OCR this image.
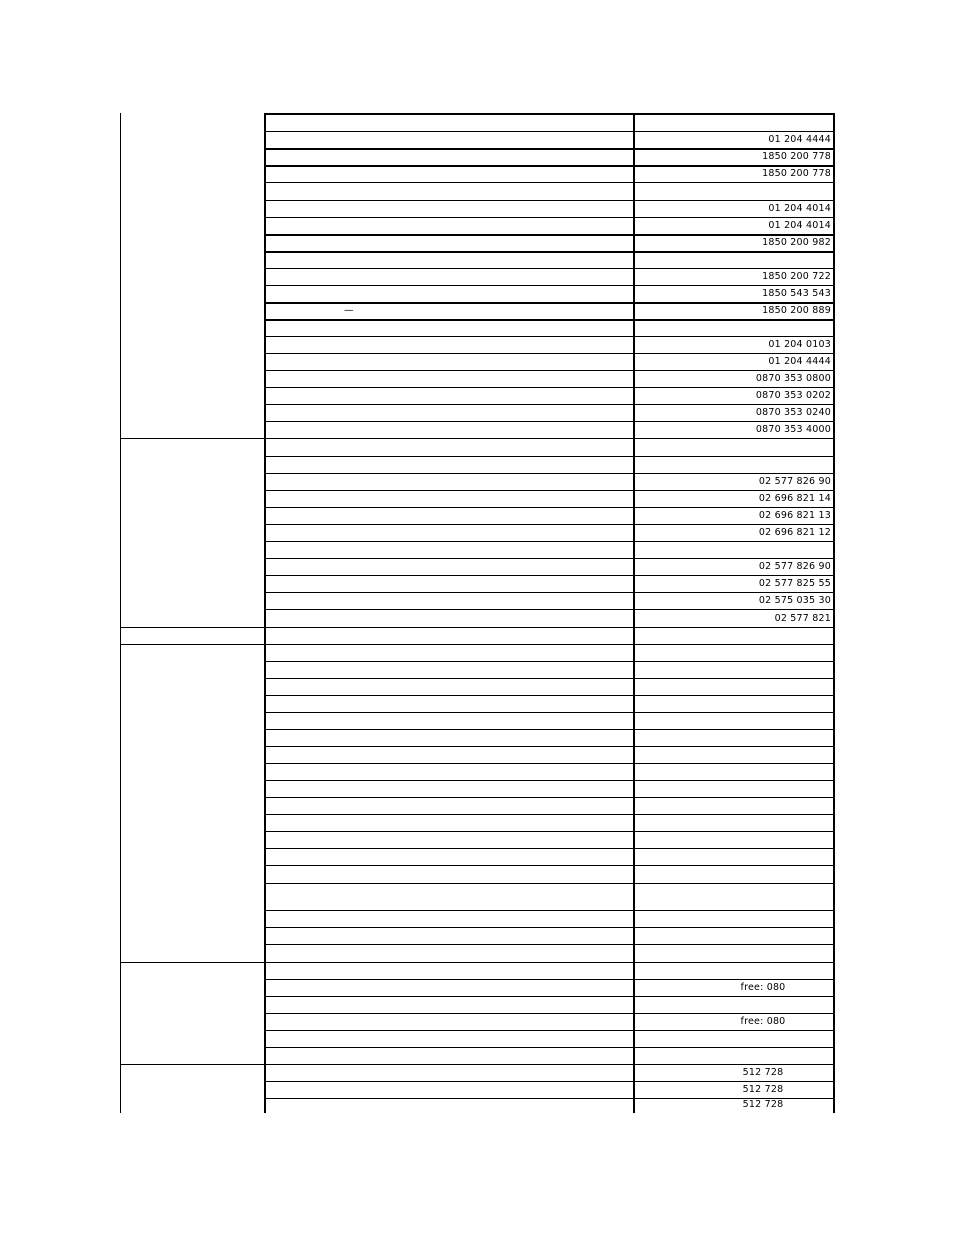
01 204 4444
1850 200 778
1850 200 778
01 204 4014
01 204 4014
1850 200 982
1850 200 722
1850 543 543
—	1850 200 889
01 204 0103
01 204 4444
0870 353 0800
0870 353 0202
0870 353 0240
0870 353 4000
02 577 826 90
02 696 821 14
02 696 821 13
02 696 821 12
02 577 826 90
02 577 825 55
02 575 035 30
02 577 821
free: 080
free: 080
512 728
512 728
512 728
